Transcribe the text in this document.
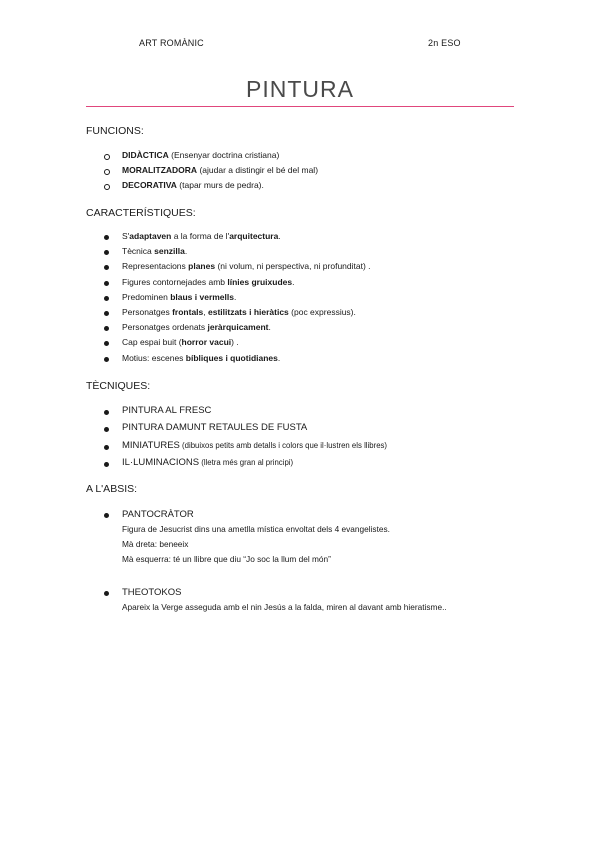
ART ROMÀNIC	2n ESO
PINTURA
FUNCIONS:
DIDÀCTICA (Ensenyar doctrina cristiana)
MORALITZADORA (ajudar a distingir el bé del mal)
DECORATIVA (tapar murs de pedra).
CARACTERÍSTIQUES:
S'adaptaven a la forma de l'arquitectura.
Tècnica senzilla.
Representacions planes (ni volum, ni perspectiva, ni profunditat) .
Figures contornejades amb línies gruixudes.
Predominen blaus i vermells.
Personatges frontals, estilitzats i hieràtics (poc expressius).
Personatges ordenats jeràrquicament.
Cap espai buit (horror vacui) .
Motius: escenes bíbliques i quotidianes.
TÈCNIQUES:
PINTURA AL FRESC
PINTURA DAMUNT RETAULES DE FUSTA
MINIATURES (dibuixos petits amb detalls i colors que il·lustren els llibres)
IL·LUMINACIONS (lletra més gran al principi)
A L'ABSIS:
PANTOCRÀTOR
Figura de Jesucrist dins una ametlla mística envoltat dels 4 evangelistes.
Mà dreta: beneeix
Mà esquerra: té un llibre que diu “Jo soc la llum del món”
THEOTOKOS
Apareix la Verge asseguda amb el nin Jesús a la falda, miren al davant amb hieratisme..
